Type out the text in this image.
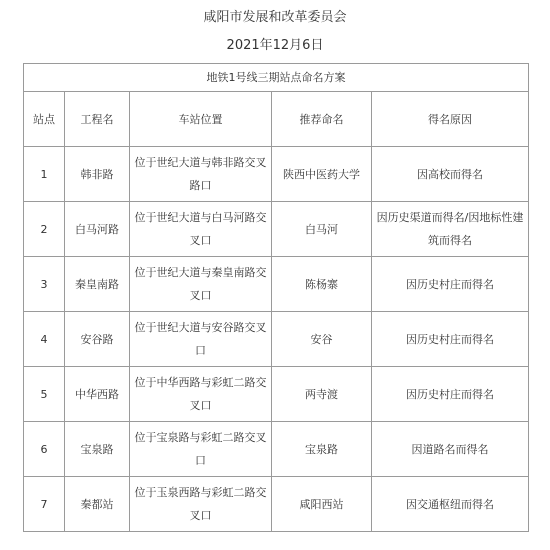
咸阳市发展和改革委员会
2021年12月6日
地铁1号线三期站点命名方案				
站点	工程名	车站位置	推荐命名	得名原因
1	韩非路	位于世纪大道与韩非路交叉路口	陕西中医药大学	因高校而得名
2	白马河路	位于世纪大道与白马河路交叉口	白马河	因历史渠道而得名/因地标性建筑而得名
3	秦皇南路	位于世纪大道与秦皇南路交叉口	陈杨寨	因历史村庄而得名
4	安谷路	位于世纪大道与安谷路交叉口	安谷	因历史村庄而得名
5	中华西路	位于中华西路与彩虹二路交叉口	两寺渡	因历史村庄而得名
6	宝泉路	位于宝泉路与彩虹二路交叉口	宝泉路	因道路名而得名
7	秦都站	位于玉泉西路与彩虹二路交叉口	咸阳西站	因交通枢纽而得名
